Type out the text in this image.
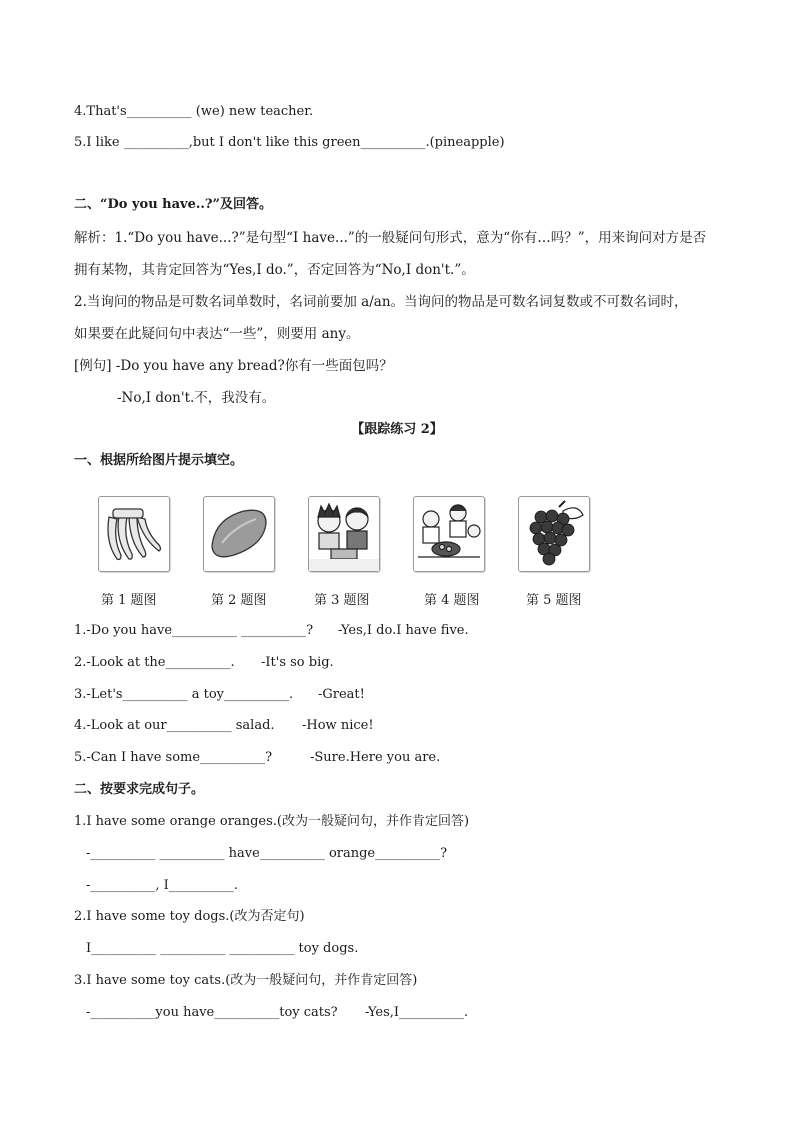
4.That's__________ (we) new teacher.
5.I like __________,but I don't like this green__________.(pineapple)
二、“Do you have..?”及回答。
解析：1.“Do you have...?”是句型“I have...”的一般疑问句形式，意为“你有…吗？”，用来询问对方是否
拥有某物，其肯定回答为“Yes,I do.”，否定回答为“No,I don't.”。
2.当询问的物品是可数名词单数时，名词前要加 a/an。当询问的物品是可数名词复数或不可数名词时，
如果要在此疑问句中表达“一些”，则要用 any。
[例句] -Do you have any bread?你有一些面包吗？
-No,I don't.不，我没有。
【跟踪练习 2】
一、根据所给图片提示填空。
第 1 题图	第 2 题图	第 3 题图	第 4 题图	第 5 题图
1.-Do you have__________ __________? -Yes,I do.I have five.
2.-Look at the__________. -It's so big.
3.-Let's__________ a toy__________. -Great!
4.-Look at our__________ salad. -How nice!
5.-Can I have some__________?	-Sure.Here you are.
二、按要求完成句子。
1.I have some orange oranges.(改为一般疑问句，并作肯定回答)
-__________ __________ have__________ orange__________?
-__________, I__________.
2.I have some toy dogs.(改为否定句)
I__________ __________ __________ toy dogs.
3.I have some toy cats.(改为一般疑问句，并作肯定回答)
-__________you have__________toy cats? -Yes,I__________.
